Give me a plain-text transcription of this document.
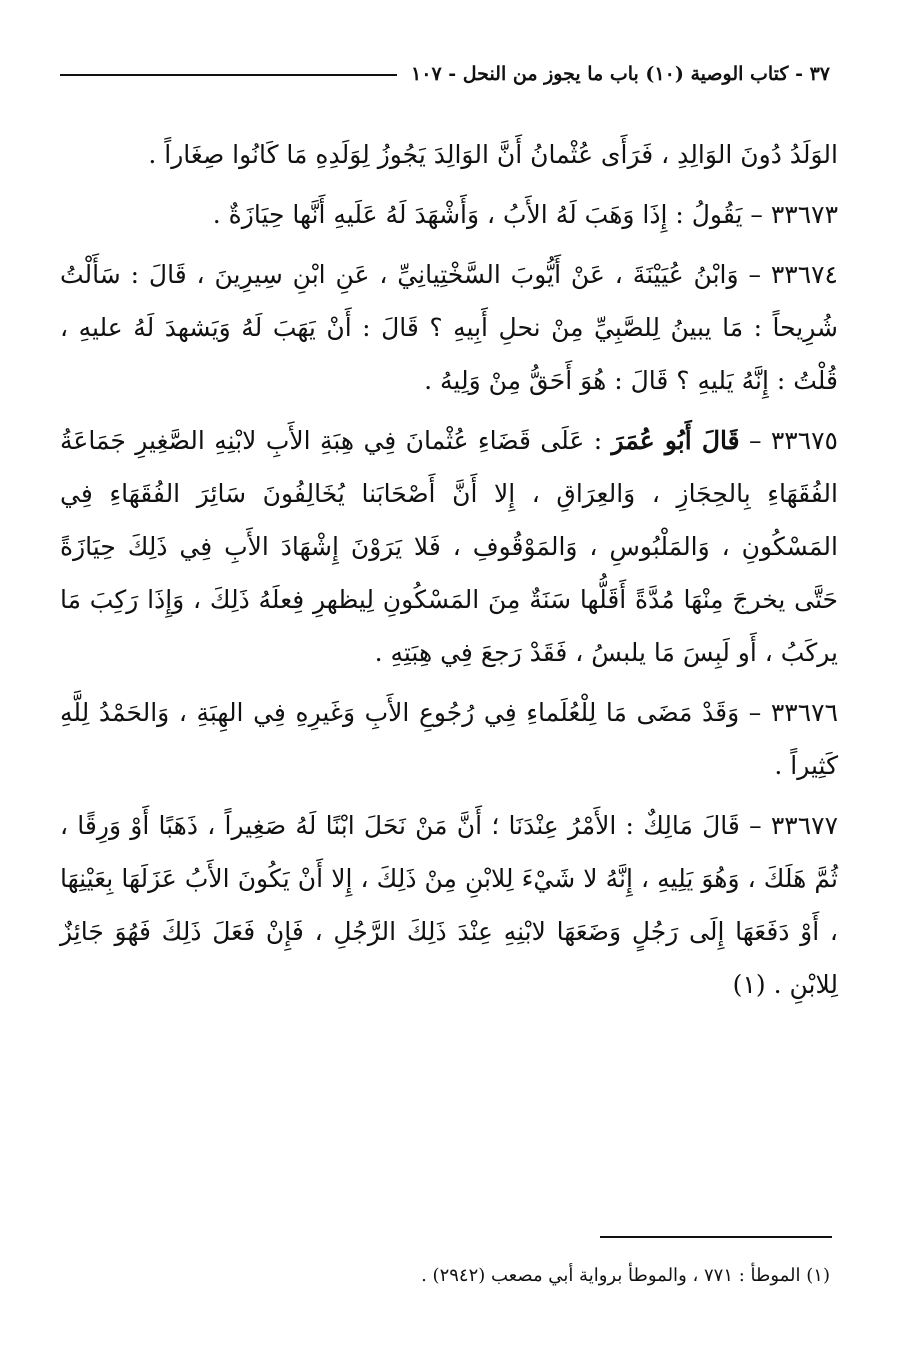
٣٧ - كتاب الوصية (١٠) باب ما يجوز من النحل - ١٠٧

الوَلَدُ دُونَ الوَالِدِ ، فَرَأَى عُثْمانُ أَنَّ الوَالِدَ يَجُوزُ لِوَلَدِهِ مَا كَانُوا صِغَاراً .

٣٣٦٧٣ – يَقُولُ : إِذَا وَهَبَ لَهُ الأَبُ ، وَأَشْهَدَ لَهُ عَلَيهِ أَنَّها حِيَازَةٌ .

٣٣٦٧٤ – وَابْنُ عُيَيْنَةَ ، عَنْ أَيُّوبَ السَّخْتِيانِيِّ ، عَنِ ابْنِ سِيرِينَ ، قَالَ : سَأَلْتُ شُرِيحاً : مَا يبينُ لِلصَّبِيِّ مِنْ نحلِ أَبِيهِ ؟ قَالَ : أَنْ يَهَبَ لَهُ وَيَشهدَ لَهُ عليهِ ، قُلْتُ : إِنَّهُ يَليهِ ؟ قَالَ : هُوَ أَحَقُّ مِنْ وَلِيهُ .

٣٣٦٧٥ – قَالَ أَبُو عُمَرَ : عَلَى قَضَاءِ عُثْمانَ فِي هِبَةِ الأَبِ لابْنِهِ الصَّغِيرِ جَمَاعَةُ الفُقَهَاءِ بِالحِجَازِ ، وَالعِرَاقِ ، إِلا أَنَّ أَصْحَابَنا يُخَالِفُونَ سَائِرَ الفُقَهَاءِ فِي المَسْكُونِ ، وَالمَلْبُوسِ ، وَالمَوْقُوفِ ، فَلا يَرَوْنَ إِشْهَادَ الأَبِ فِي ذَلِكَ حِيَازَةً حَتَّى يخرجَ مِنْهَا مُدَّةً أَقَلُّها سَنَةٌ مِنَ المَسْكُونِ لِيظهرِ فِعلَهُ ذَلِكَ ، وَإِذَا رَكِبَ مَا يركَبُ ، أَو لَبِسَ مَا يلبسُ ، فَقَدْ رَجعَ فِي هِبَتِهِ .

٣٣٦٧٦ – وَقَدْ مَضَى مَا لِلْعُلَماءِ فِي رُجُوعِ الأَبِ وَغَيرِهِ فِي الهِبَةِ ، وَالحَمْدُ لِلَّهِ كَثِيراً .

٣٣٦٧٧ – قَالَ مَالِكٌ : الأَمْرُ عِنْدَنَا ؛ أَنَّ مَنْ نَحَلَ ابْنًا لَهُ صَغِيراً ، ذَهَبًا أَوْ وَرِقًا ، ثُمَّ هَلَكَ ، وَهُوَ يَلِيهِ ، إِنَّهُ لا شَيْءَ لِلابْنِ مِنْ ذَلِكَ ، إِلا أَنْ يَكُونَ الأَبُ عَزَلَهَا بِعَيْنِهَا ، أَوْ دَفَعَهَا إِلَى رَجُلٍ وَضَعَهَا لابْنِهِ عِنْدَ ذَلِكَ الرَّجُلِ ، فَإِنْ فَعَلَ ذَلِكَ فَهُوَ جَائِزٌ لِلابْنِ . (١)

(١) الموطأ : ٧٧١ ، والموطأ برواية أبي مصعب (٢٩٤٢) .
